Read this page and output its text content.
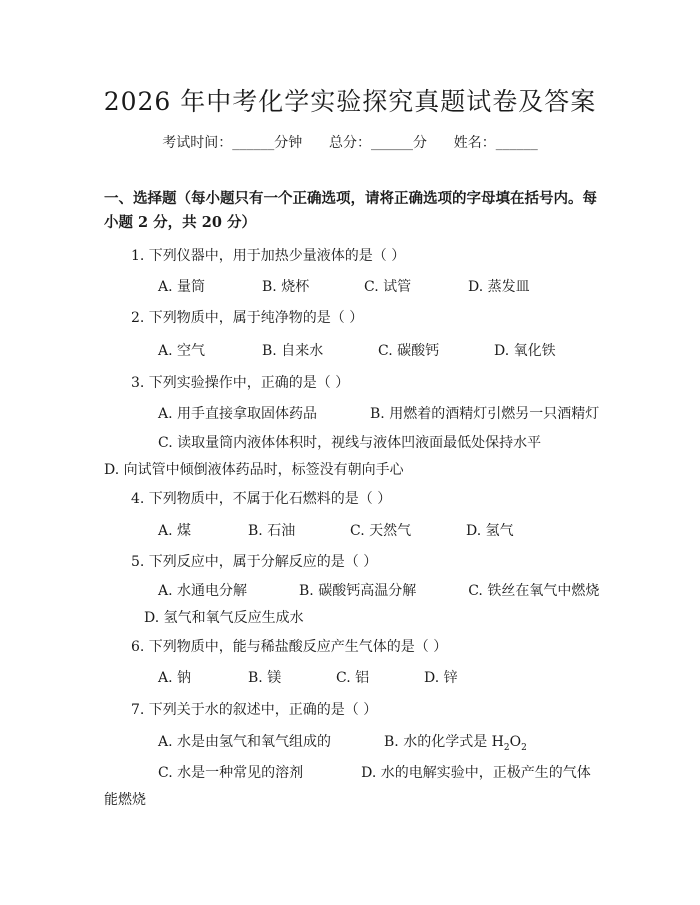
2026 年中考化学实验探究真题试卷及答案
考试时间：______分钟 总分：______分 姓名：______
一、选择题（每小题只有一个正确选项，请将正确选项的字母填在括号内。每小题 2 分，共 20 分）
1. 下列仪器中，用于加热少量液体的是（ ）
A. 量筒	B. 烧杯	C. 试管	D. 蒸发皿
2. 下列物质中，属于纯净物的是（ ）
A. 空气	B. 自来水	C. 碳酸钙	D. 氧化铁
3. 下列实验操作中，正确的是（ ）
A. 用手直接拿取固体药品	B. 用燃着的酒精灯引燃另一只酒精灯
C. 读取量筒内液体体积时，视线与液体凹液面最低处保持水平D. 向试管中倾倒液体药品时，标签没有朝向手心
4. 下列物质中，不属于化石燃料的是（ ）
A. 煤	B. 石油	C. 天然气	D. 氢气
5. 下列反应中，属于分解反应的是（ ）
A. 水通电分解	B. 碳酸钙高温分解	C. 铁丝在氧气中燃烧D. 氢气和氧气反应生成水
6. 下列物质中，能与稀盐酸反应产生气体的是（ ）
A. 钠	B. 镁	C. 铝	D. 锌
7. 下列关于水的叙述中，正确的是（ ）
A. 水是由氢气和氧气组成的	B. 水的化学式是 $H_2O_2$
C. 水是一种常见的溶剂	D. 水的电解实验中，正极产生的气体能燃烧
